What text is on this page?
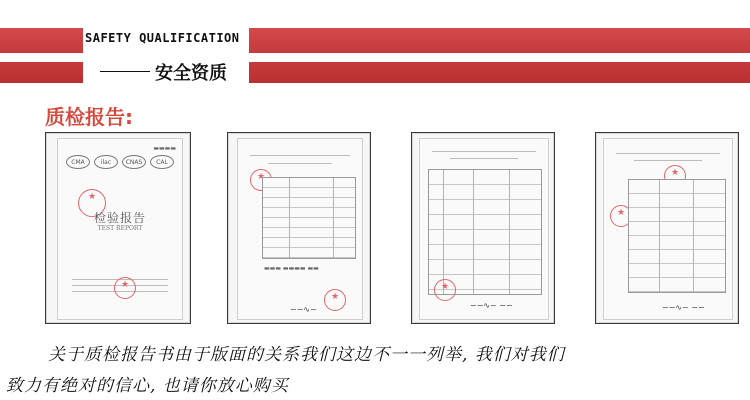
SAFETY QUALIFICATION
安全资质
质检报告:
▬▬▬▬
CMA	ilac	CNAS	CAL
★
检验报告
TEST REPORT
★
★
▬▬▬ ▬▬▬▬ ▬▬
★
∽∼∿~
★
★	∽∼∿~ ∼∽
★
★	∽∼∿~ ∼∽
关于质检报告书由于版面的关系我们这边不一一列举, 我们对我们
致力有绝对的信心, 也请你放心购买
